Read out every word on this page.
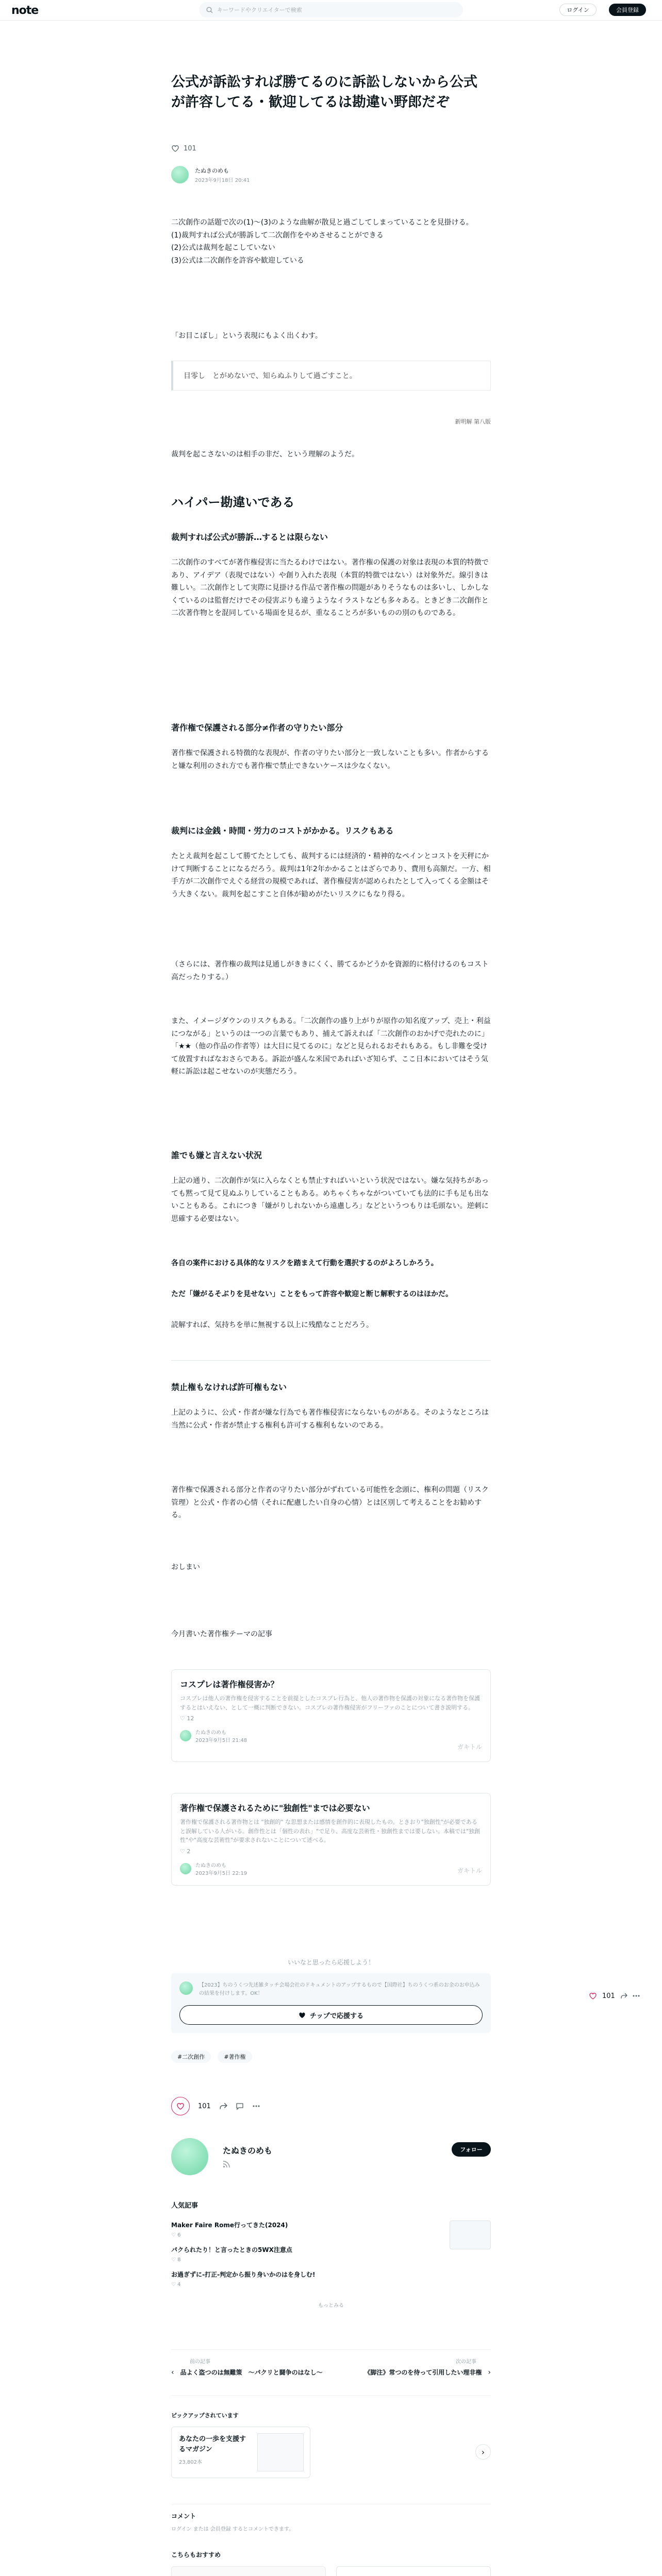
note	キーワードやクリエイターで検索	ログイン	会員登録
公式が訴訟すれば勝てるのに訴訟しないから公式が許容してる・歓迎してるは勘違い野郎だぞ
101
たぬきのめも
2023年9月18日 20:41

二次創作の話題で次の(1)〜(3)のような曲解が散見と過ごしてしまっていることを見掛ける。

(1)裁判すれば公式が勝訴して二次創作をやめさせることができる

(2)公式は裁判を起こしていない

(3)公式は二次創作を許容や歓迎している

「お目こぼし」という表現にもよく出くわす。

目零し　とがめないで、知らぬふりして過ごすこと。
新明解 第八版

裁判を起こさないのは相手の非だ、という理解のようだ。

ハイパー勘違いである
裁判すれば公式が勝訴…するとは限らない

二次創作のすべてが著作権侵害に当たるわけではない。著作権の保護の対象は表現の本質的特徴であり、アイデア（表現ではない）や創り入れた表現（本質的特徴ではない）は対象外だ。線引きは難しい。二次創作として実際に見掛ける作品で著作権の問題がありそうなものは多いし、しかしなくているのは監督だけでその侵害ぶりも違うようなイラストなども多々ある。ときどき二次創作と二次著作物とを混同している場面を見るが、重なることろが多いものの別のものである。

著作権で保護される部分≠作者の守りたい部分

著作権で保護される特徴的な表現が、作者の守りたい部分と一致しないことも多い。作者からすると嫌な利用のされ方でも著作権で禁止できないケースは少なくない。

裁判には金銭・時間・労力のコストがかかる。リスクもある

たとえ裁判を起こして勝てたとしても、裁判するには経済的・精神的なペインとコストを天秤にかけて判断することになるだろう。裁判は1年2年かかることはざらであり、費用も高額だ。一方、相手方が二次創作でえぐる経営の規模であれば、著作権侵害が認められたとして入ってくる金額はそう大きくない。裁判を起こすこと自体が勧めがたいリスクにもなり得る。

（さらには、著作権の裁判は見通しがききにくく、勝てるかどうかを資源的に格付けるのもコスト高だったりする。）

また、イメージダウンのリスクもある。「二次創作の盛り上がりが原作の知名度アップ、売上・利益につながる」というのは一つの言葉でもあり、捕えて訴えれば「二次創作のおかげで売れたのに」「★★（他の作品の作者等）は大目に見てるのに」などと見られるおそれもある。もし非難を受けて放置すればなおさらである。訴訟が盛んな米国であればいざ知らず、ここ日本においてはそう気軽に訴訟は起こせないのが実態だろう。

誰でも嫌と言えない状況

上記の通り、二次創作が気に入らなくとも禁止すればいいという状況ではない。嫌な気持ちがあっても黙って見て見ぬふりしていることもある。めちゃくちゃながついていても法的に手も足も出ないこともある。これにつき「嫌がりしれないから遠慮しろ」などというつもりは毛頭ない。逆刺に思確する必要はない。

各自の案件における具体的なリスクを踏まえて行動を選択するのがよろしかろう。

ただ「嫌がるそぶりを見せない」ことをもって許容や歓迎と断じ解釈するのはほかだ。

読解すれば、気持ちを単に無視する以上に残酷なことだろう。

禁止権もなければ許可権もない

上記のように、公式・作者が嫌な行為でも著作権侵害にならないものがある。そのようなところは当然に公式・作者が禁止する権利も許可する権利もないのである。

著作権で保護される部分と作者の守りたい部分がずれている可能性を念頭に、権利の問題（リスク管理）と公式・作者の心情（それに配慮したい自身の心情）とは区別して考えることをお勧めする。

おしまい

今月書いた著作権テーマの記事

コスプレは著作権侵害か？
コスプレは他人の著作権を侵害することを前提としたコスプレ行為と、他人の著作物を保護の対象になる著作物を保護するとはいえない、として一概に判断できない。コスプレの著作権侵害がフリーファのことについて書き説明する。
♡ 12
たぬきのめも
2023年9月5日 21:48
ガキトル
著作権で保護されるために"独創性"までは必要ない
著作権で保護される著作物とは "独創的" な思想または感情を創作的に表現したもの。ときおり"独創性"が必要であると誤解している人がいる。創作性とは「個性の表れ」"で足り、高度な芸術性・独創性までは要しない。本稿では"独創性"や"高度な芸術性"が要求されないことについて述べる。
♡ 2
たぬきのめも
2023年9月5日 22:19	ガキトル

いいなと思ったら応援しよう！

【2023】ちのうくつ先述雑タッチ会場会社のドキュメントのアップするもので【国際社】ちのうくつ系のお金のお申込みの結果を付けします。OK！
チップで応援する
101
#二次創作	#著作権
101
たぬきのめも	フォロー
人気記事
Maker Faire Rome行ってきた(2024)
♡ 6
パクられたり！と言ったときの5WX注意点
♡ 8
お過ぎずに-打正-判定から振り身いかのはを身しむ!
♡ 4
もっとみる
前の記事
‹ 品よく盗つのは無難策　～パクリと闘争のはなし～
次の記事
《脚注》常つのを待って引用したい理非権 ›
ピックアップされています
あなたの一歩を支援するマガジン
23,802本
›
コメント
ログイン または 会員登録 するとコメントできます。
こちらもおすすめ
